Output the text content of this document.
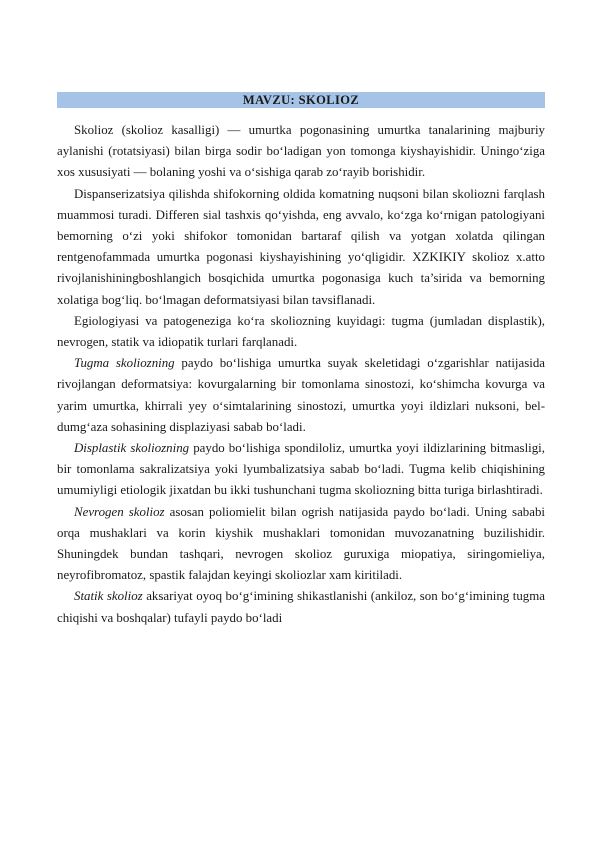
MAVZU: SKOLIOZ

Skolioz (skolioz kasalligi) — umurtka pogonasining umurtka tanalarining majburiy aylanishi (rotatsiyasi) bilan birga sodir bo‘ladigan yon tomonga kiyshayishidir. Uningo‘ziga xos xususiyati — bolaning yoshi va o‘sishiga qarab zo‘rayib borishidir.

Dispanserizatsiya qilishda shifokorning oldida komatning nuqsoni bilan skoliozni farqlash muammosi turadi. Differen sial tashxis qo‘yishda, eng avvalo, ko‘zga ko‘rnigan patologiyani bemorning o‘zi yoki shifokor tomonidan bartaraf qilish va yotgan xolatda qilingan rentgenofammada umurtka pogonasi kiyshayishining yo‘qligidir. XZKIKIY skolioz x.atto rivojlanishiningboshlangich bosqichida umurtka pogonasiga kuch ta’sirida va bemorning xolatiga bog‘liq. bo‘lmagan deformatsiyasi bilan tavsiflanadi.

Egiologiyasi va patogeneziga ko‘ra skoliozning kuyidagi: tugma (jumladan displastik), nevrogen, statik va idiopatik turlari farqlanadi.

Tugma skoliozning paydo bo‘lishiga umurtka suyak skeletidagi o‘zgarishlar natijasida rivojlangan deformatsiya: kovurgalarning bir tomonlama sinostozi, ko‘shimcha kovurga va yarim umurtka, khirrali yey o‘simtalarining sinostozi, umurtka yoyi ildizlari nuksoni, bel-dumg‘aza sohasining displaziyasi sabab bo‘ladi.

Displastik skoliozning paydo bo‘lishiga spondiloliz, umurtka yoyi ildizlarining bitmasligi, bir tomonlama sakralizatsiya yoki lyumbalizatsiya sabab bo‘ladi. Tugma kelib chiqishining umumiyligi etiologik jixatdan bu ikki tushunchani tugma skoliozning bitta turiga birlashtiradi.

Nevrogen skolioz asosan poliomielit bilan ogrish natijasida paydo bo‘ladi. Uning sababi orqa mushaklari va korin kiyshik mushaklari tomonidan muvozanatning buzilishidir. Shuningdek bundan tashqari, nevrogen skolioz guruxiga miopatiya, siringomieliya, neyrofibromatoz, spastik falajdan keyingi skoliozlar xam kiritiladi.

Statik skolioz aksariyat oyoq bo‘g‘imining shikastlanishi (ankiloz, son bo‘g‘imining tugma chiqishi va boshqalar) tufayli paydo bo‘ladi
